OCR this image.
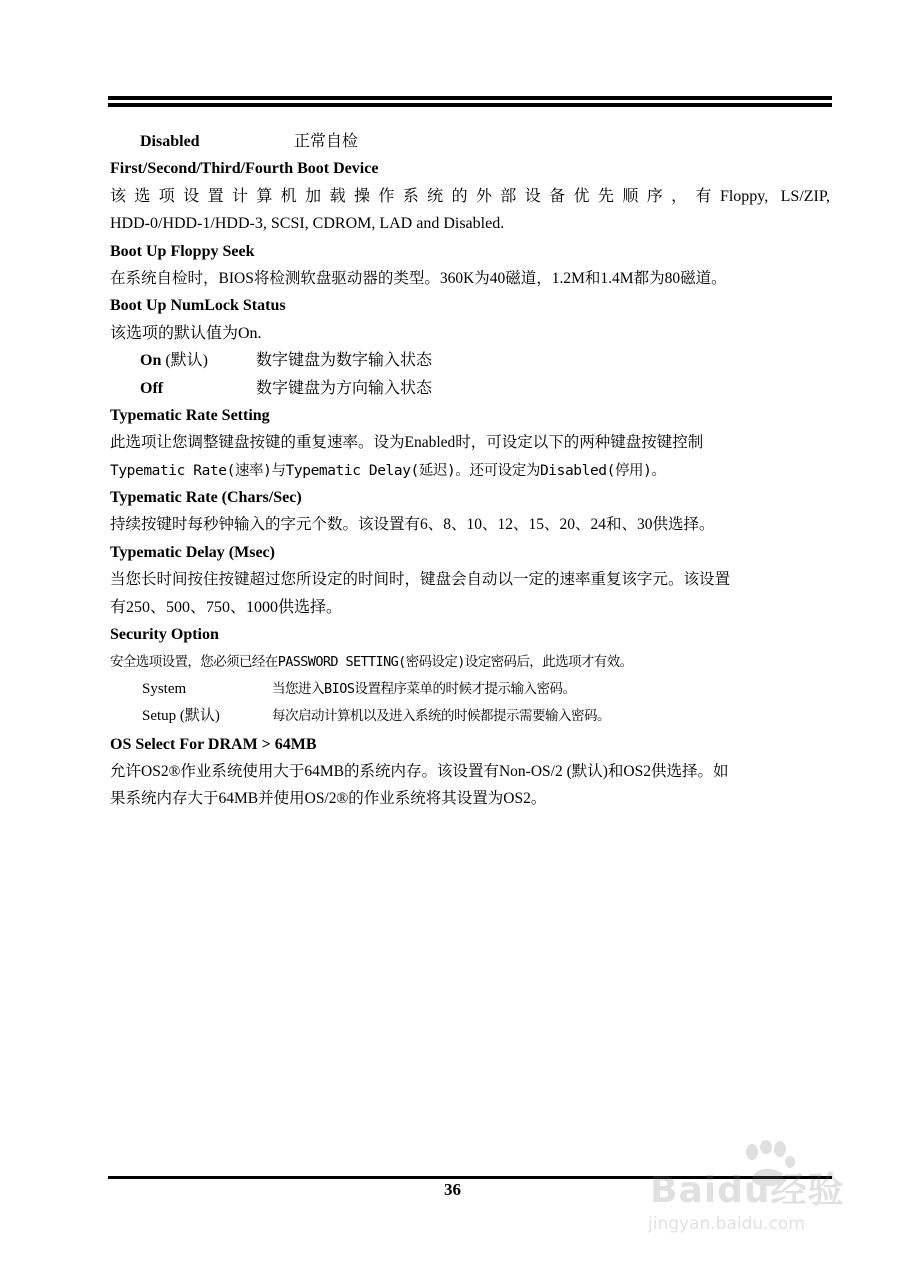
Disabled	正常自检
First/Second/Third/Fourth Boot Device
该选项设置计算机加载操作系统的外部设备优先顺序，有Floppy, LS/ZIP,
HDD-0/HDD-1/HDD-3, SCSI, CDROM, LAD and Disabled.
Boot Up Floppy Seek
在系统自检时，BIOS将检测软盘驱动器的类型。360K为40磁道，1.2M和1.4M都为80磁道。
Boot Up NumLock Status
该选项的默认值为On.
On (默认)	数字键盘为数字输入状态
Off	数字键盘为方向输入状态
Typematic Rate Setting
此选项让您调整键盘按键的重复速率。设为Enabled时，可设定以下的两种键盘按键控制
Typematic Rate(速率)与Typematic Delay(延迟)。还可设定为Disabled(停用)。
Typematic Rate (Chars/Sec)
持续按键时每秒钟输入的字元个数。该设置有6、8、10、12、15、20、24和、30供选择。
Typematic Delay (Msec)
当您长时间按住按键超过您所设定的时间时，键盘会自动以一定的速率重复该字元。该设置
有250、500、750、1000供选择。
Security Option
安全选项设置，您必须已经在PASSWORD SETTING(密码设定)设定密码后，此选项才有效。
System	当您进入BIOS设置程序菜单的时候才提示输入密码。
Setup (默认)	每次启动计算机以及进入系统的时候都提示需要输入密码。
OS Select For DRAM > 64MB
允许OS2®作业系统使用大于64MB的系统内存。该设置有Non-OS/2 (默认)和OS2供选择。如
果系统内存大于64MB并使用OS/2®的作业系统将其设置为OS2。
36	Baidu经验
jingyan.baidu.com
